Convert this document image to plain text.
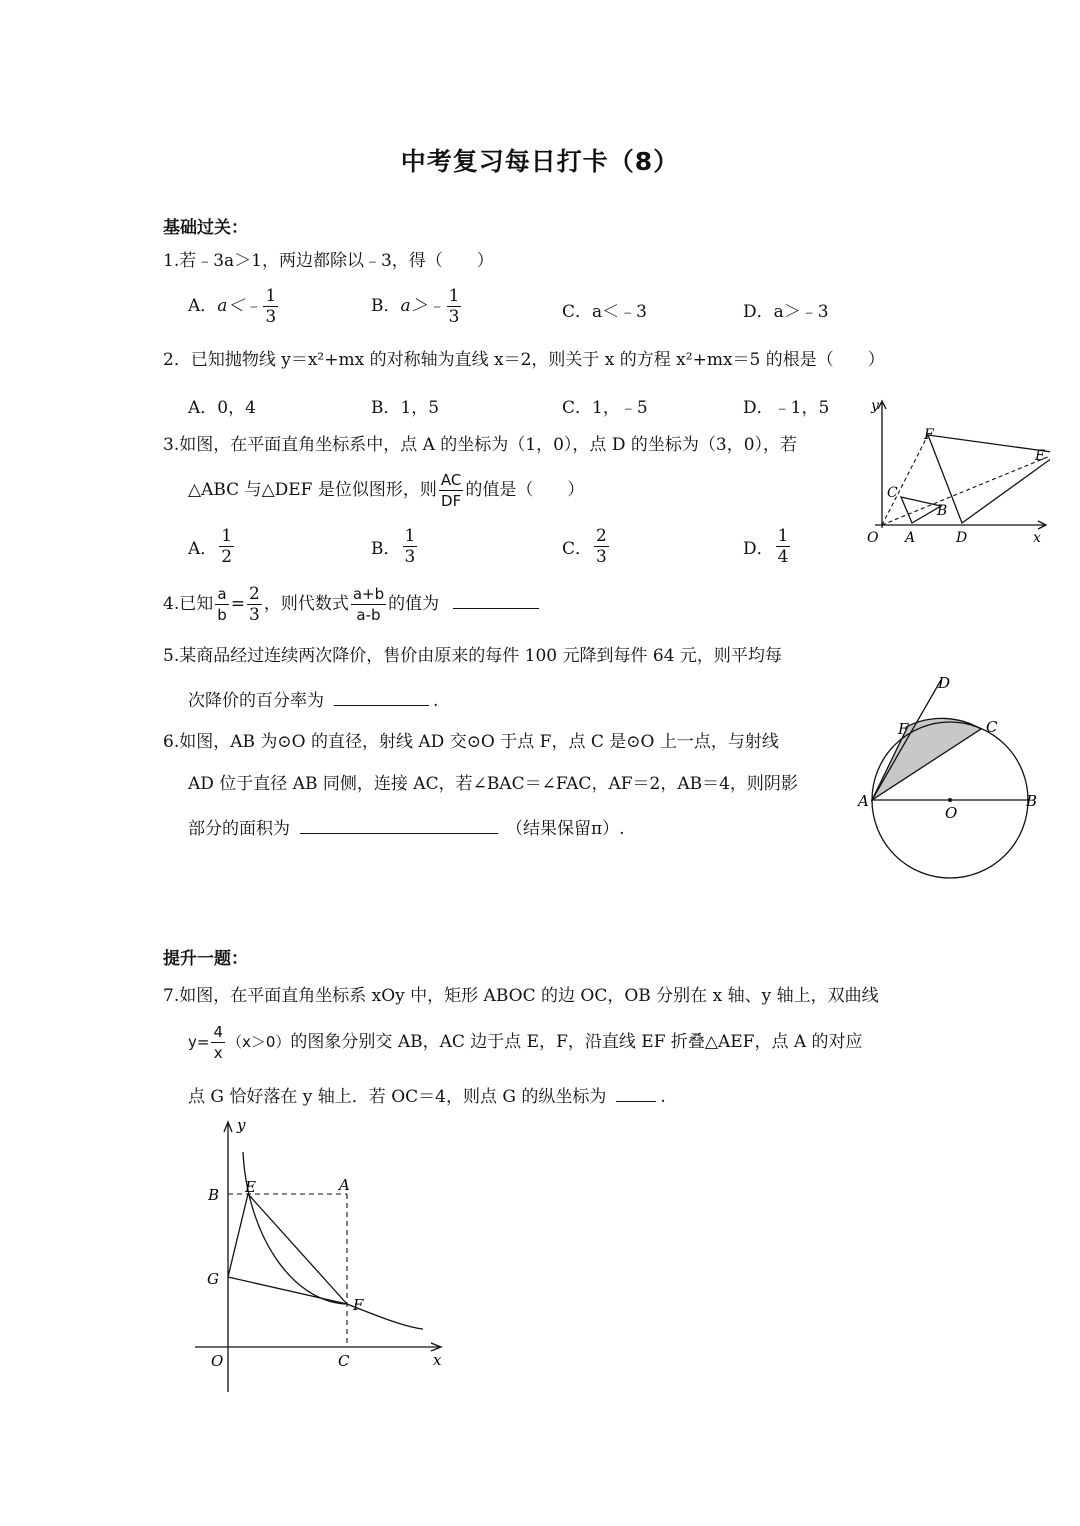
中考复习每日打卡（8）
基础过关：
1.若﹣3a＞1，两边都除以﹣3，得（　　）
A．a＜﹣ $\frac{1}{3}$	B．a＞﹣ $\frac{1}{3}$	C．a＜﹣3	D．a＞﹣3
2．已知抛物线 y＝x²+mx 的对称轴为直线 x＝2，则关于 x 的方程 x²+mx＝5 的根是（　　）
A．0，4	B．1，5	C．1，﹣5	D．﹣1，5
3.如图，在平面直角坐标系中，点 A 的坐标为（1，0），点 D 的坐标为（3，0），若
△ABC 与△DEF 是位似图形，则 $\frac{AC}{DF}$ 的值是（　　）
A． $\frac{1}{2}$	B． $\frac{1}{3}$	C． $\frac{2}{3}$	D． $\frac{1}{4}$
y
x
O A
B
C
D
E
F
4.已知 $\frac{a}{b} = \frac{2}{3}$ ，则代数式 $\frac{a+b}{a-b}$ 的值为
5.某商品经过连续两次降价，售价由原来的每件 100 元降到每件 64 元，则平均每
次降价的百分率为	.
6.如图，AB 为⊙O 的直径，射线 AD 交⊙O 于点 F，点 C 是⊙O 上一点，与射线
AD 位于直径 AB 同侧，连接 AC，若∠BAC＝∠FAC，AF＝2，AB＝4，则阴影
部分的面积为	（结果保留π）.
A	B
C
D
F
O
提升一题：
7.如图，在平面直角坐标系 xOy 中，矩形 ABOC 的边 OC，OB 分别在 x 轴、y 轴上，双曲线
$y= \frac{4}{x} (x>0)$的图象分别交 AB，AC 边于点 E，F，沿直线 EF 折叠△AEF，点 A 的对应
点 G 恰好落在 y 轴上．若 OC＝4，则点 G 的纵坐标为	.
y
x
O
B E	A
G
F
C
